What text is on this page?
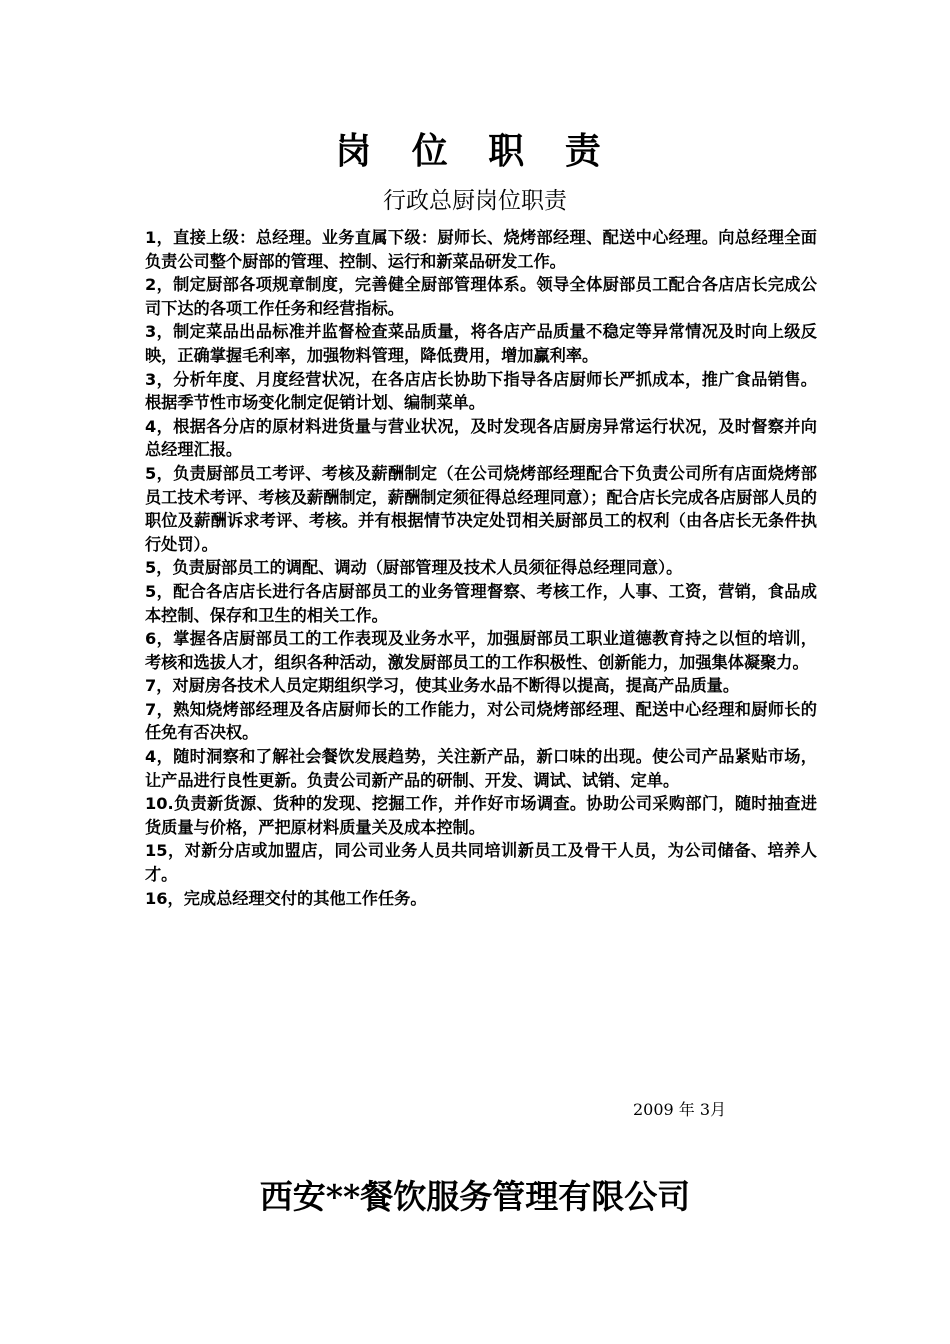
岗 位 职 责
行政总厨岗位职责
1，直接上级：总经理。业务直属下级：厨师长、烧烤部经理、配送中心经理。向总经理全面负责公司整个厨部的管理、控制、运行和新菜品研发工作。
2，制定厨部各项规章制度，完善健全厨部管理体系。领导全体厨部员工配合各店店长完成公司下达的各项工作任务和经营指标。
3，制定菜品出品标准并监督检查菜品质量，将各店产品质量不稳定等异常情况及时向上级反映，正确掌握毛利率，加强物料管理，降低费用，增加赢利率。
3，分析年度、月度经营状况，在各店店长协助下指导各店厨师长严抓成本，推广食品销售。根据季节性市场变化制定促销计划、编制菜单。
4，根据各分店的原材料进货量与营业状况，及时发现各店厨房异常运行状况，及时督察并向总经理汇报。
5，负责厨部员工考评、考核及薪酬制定（在公司烧烤部经理配合下负责公司所有店面烧烤部员工技术考评、考核及薪酬制定，薪酬制定须征得总经理同意）；配合店长完成各店厨部人员的职位及薪酬诉求考评、考核。并有根据情节决定处罚相关厨部员工的权利（由各店长无条件执行处罚）。
5，负责厨部员工的调配、调动（厨部管理及技术人员须征得总经理同意）。
5，配合各店店长进行各店厨部员工的业务管理督察、考核工作，人事、工资，营销，食品成本控制、保存和卫生的相关工作。
6，掌握各店厨部员工的工作表现及业务水平，加强厨部员工职业道德教育持之以恒的培训，考核和选拔人才，组织各种活动，激发厨部员工的工作积极性、创新能力，加强集体凝聚力。
7，对厨房各技术人员定期组织学习，使其业务水品不断得以提高，提高产品质量。
7，熟知烧烤部经理及各店厨师长的工作能力，对公司烧烤部经理、配送中心经理和厨师长的任免有否决权。
4，随时洞察和了解社会餐饮发展趋势，关注新产品，新口味的出现。使公司产品紧贴市场，让产品进行良性更新。负责公司新产品的研制、开发、调试、试销、定单。
10.负责新货源、货种的发现、挖掘工作，并作好市场调查。协助公司采购部门，随时抽查进货质量与价格，严把原材料质量关及成本控制。
15，对新分店或加盟店，同公司业务人员共同培训新员工及骨干人员，为公司储备、培养人才。
16，完成总经理交付的其他工作任务。
2009 年 3月
西安**餐饮服务管理有限公司
